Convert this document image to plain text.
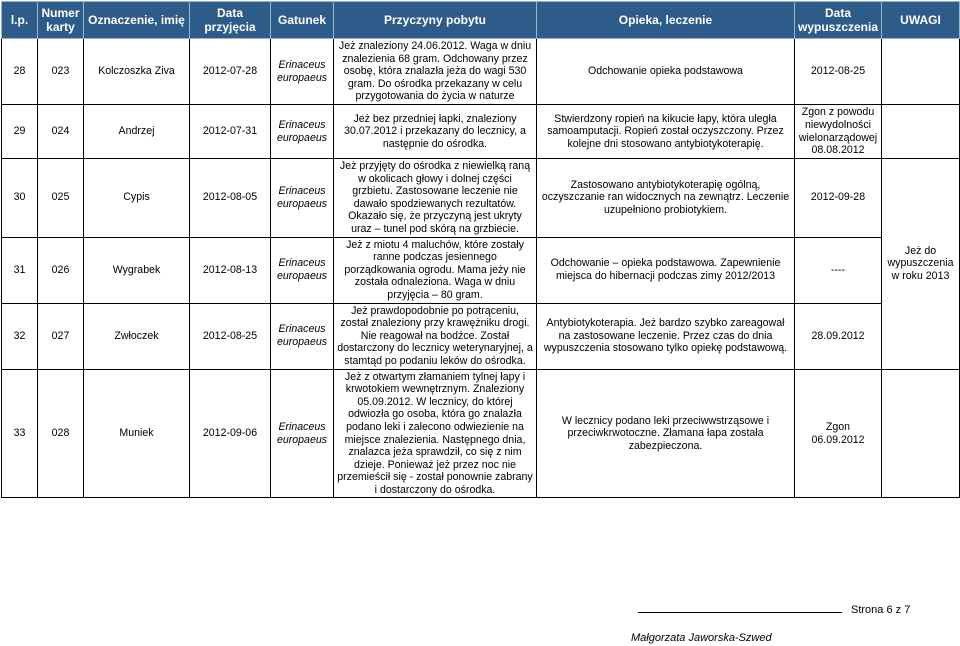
l.p.	Numer karty	Oznaczenie, imię	Data przyjęcia	Gatunek	Przyczyny pobytu	Opieka, leczenie	Data wypuszczenia	UWAGI
28	023	Kolczoszka Ziva	2012-07-28	Erinaceus europaeus	Jeż znaleziony 24.06.2012. Waga w dniu znalezienia 68 gram. Odchowany przez osobę, która znalazła jeża do wagi 530 gram. Do ośrodka przekazany w celu przygotowania do życia w naturze	Odchowanie opieka podstawowa	2012-08-25	
29	024	Andrzej	2012-07-31	Erinaceus europaeus	Jeż bez przedniej łapki, znaleziony 30.07.2012 i przekazany do lecznicy, a następnie do ośrodka.	Stwierdzony ropień na kikucie łapy, która uległa samoamputacji. Ropień został oczyszczony. Przez kolejne dni stosowano antybiotykoterapię.	Zgon z powodu niewydolności wielonarządowej 08.08.2012	
30	025	Cypis	2012-08-05	Erinaceus europaeus	Jeż przyjęty do ośrodka z niewielką raną w okolicach głowy i dolnej części grzbietu. Zastosowane leczenie nie dawało spodziewanych rezultatów. Okazało się, że przyczyną jest ukryty uraz – tunel pod skórą na grzbiecie.	Zastosowano antybiotykoterapię ogólną, oczyszczanie ran widocznych na zewnątrz. Leczenie uzupełniono probiotykiem.	2012-09-28	Jeż do wypuszczenia w roku 2013
31	026	Wygrabek	2012-08-13	Erinaceus europaeus	Jeż z miotu 4 maluchów, które zostały ranne podczas jesiennego porządkowania ogrodu. Mama jeży nie została odnaleziona. Waga w dniu przyjęcia – 80 gram.	Odchowanie – opieka podstawowa. Zapewnienie miejsca do hibernacji podczas zimy 2012/2013	----	
32	027	Zwłoczek	2012-08-25	Erinaceus europaeus	Jeż prawdopodobnie po potrąceniu, został znaleziony przy krawężniku drogi. Nie reagował na bodźce. Został dostarczony do lecznicy weterynaryjnej, a stamtąd po podaniu leków do ośrodka.	Antybiotykoterapia. Jeż bardzo szybko zareagował na zastosowane leczenie. Przez czas do dnia wypuszczenia stosowano tylko opiekę podstawową.	28.09.2012	
33	028	Muniek	2012-09-06	Erinaceus europaeus	Jeż z otwartym złamaniem tylnej łapy i krwotokiem wewnętrznym. Znaleziony 05.09.2012. W lecznicy, do której odwiozła go osoba, która go znalazła podano leki i zalecono odwiezienie na miejsce znalezienia. Następnego dnia, znalazca jeża sprawdził, co się z nim dzieje. Ponieważ jeż przez noc nie przemieścił się - został ponownie zabrany i dostarczony do ośrodka.	W lecznicy podano leki przeciwwstrząsowe i przeciwkrwotoczne. Złamana łapa została zabezpieczona.	Zgon 06.09.2012	
Strona 6 z 7
Małgorzata Jaworska-Szwed
